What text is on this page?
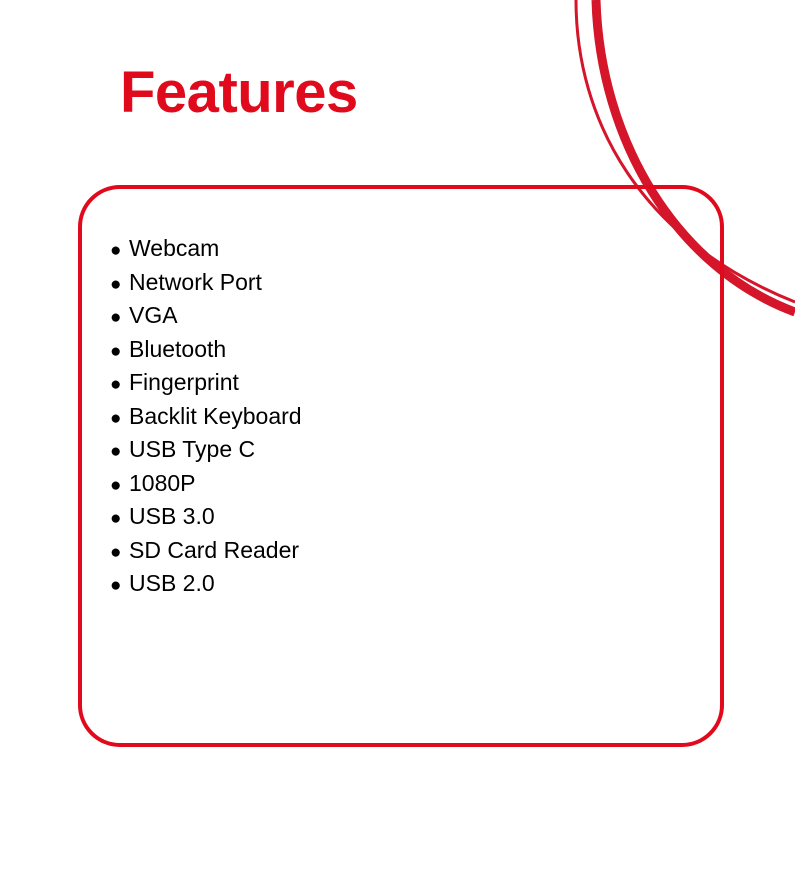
Features
● Webcam
● Network Port
● VGA
● Bluetooth
● Fingerprint
● Backlit Keyboard
● USB Type C
● 1080P
● USB 3.0
● SD Card Reader
● USB 2.0
